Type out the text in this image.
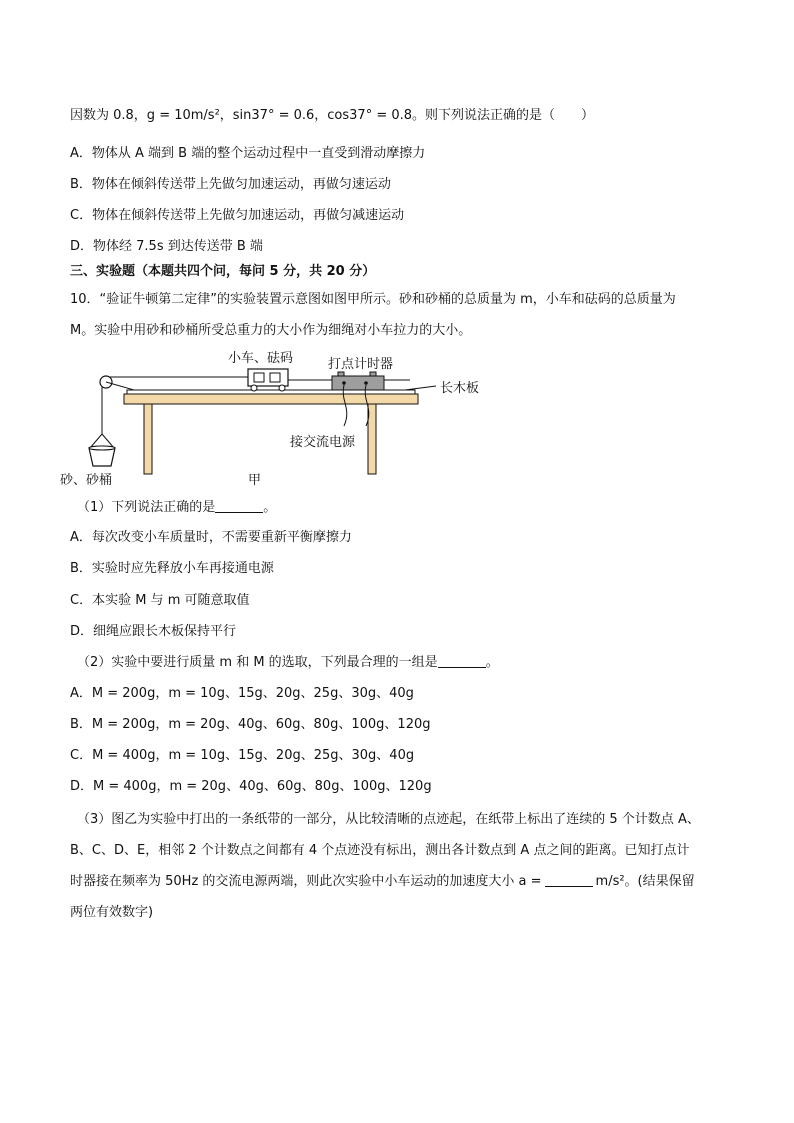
因数为 0.8，g = 10m/s²，sin37° = 0.6，cos37° = 0.8。则下列说法正确的是（　　）
A．物体从 A 端到 B 端的整个运动过程中一直受到滑动摩擦力
B．物体在倾斜传送带上先做匀加速运动，再做匀速运动
C．物体在倾斜传送带上先做匀加速运动，再做匀减速运动
D．物体经 7.5s 到达传送带 B 端
三、实验题（本题共四个问，每问 5 分，共 20 分）
10．“验证牛顿第二定律”的实验装置示意图如图甲所示。砂和砂桶的总质量为 m，小车和砝码的总质量为
M。实验中用砂和砂桶所受总重力的大小作为细绳对小车拉力的大小。
小车、砝码	打点计时器
长木板
接交流电源
砂、砂桶	甲
（1）下列说法正确的是	。
A．每次改变小车质量时，不需要重新平衡摩擦力
B．实验时应先释放小车再接通电源
C．本实验 M 与 m 可随意取值
D．细绳应跟长木板保持平行
（2）实验中要进行质量 m 和 M 的选取，下列最合理的一组是	。
A．M = 200g，m = 10g、15g、20g、25g、30g、40g
B．M = 200g，m = 20g、40g、60g、80g、100g、120g
C．M = 400g，m = 10g、15g、20g、25g、30g、40g
D．M = 400g，m = 20g、40g、60g、80g、100g、120g
（3）图乙为实验中打出的一条纸带的一部分，从比较清晰的点迹起，在纸带上标出了连续的 5 个计数点 A、
B、C、D、E，相邻 2 个计数点之间都有 4 个点迹没有标出，测出各计数点到 A 点之间的距离。已知打点计
时器接在频率为 50Hz 的交流电源两端，则此次实验中小车运动的加速度大小 a =	m/s²。(结果保留
两位有效数字)
